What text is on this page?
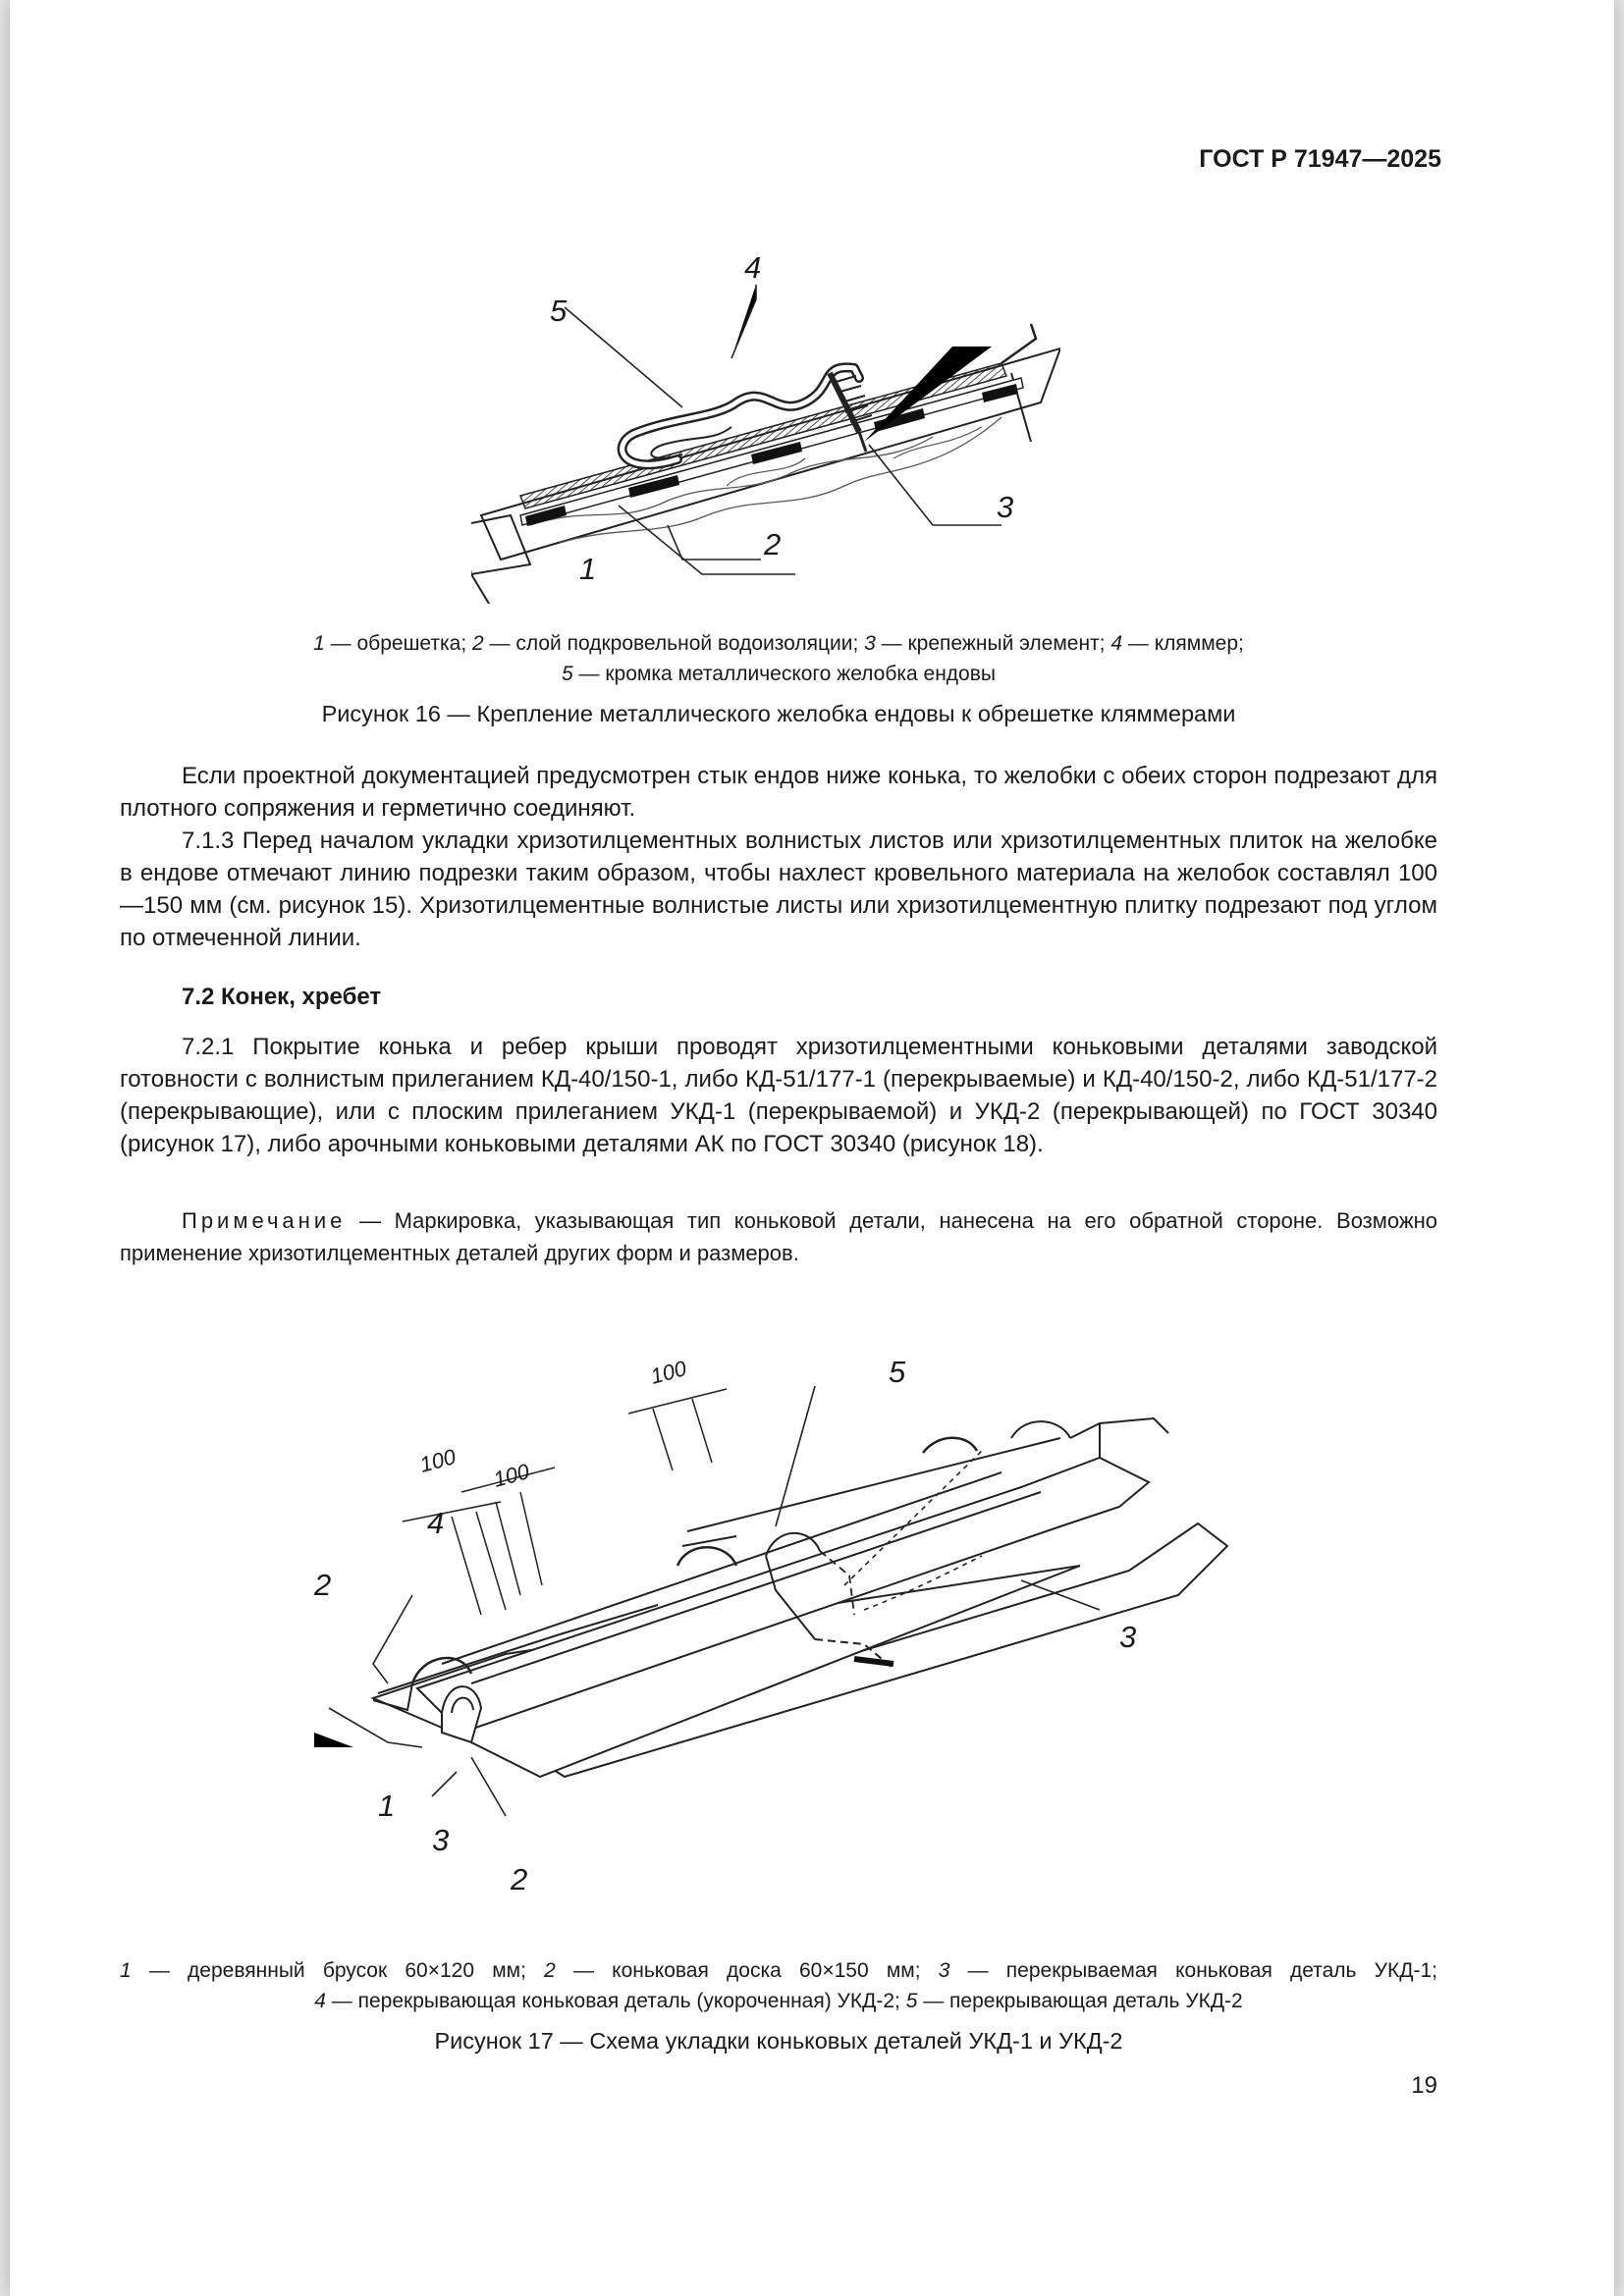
ГОСТ Р 71947—2025
1
2
3
4
5
1 — обрешетка; 2 — слой подкровельной водоизоляции; 3 — крепежный элемент; 4 — кляммер;
5 — кромка металлического желобка ендовы
Рисунок 16 — Крепление металлического желобка ендовы к обрешетке кляммерами

Если проектной документацией предусмотрен стык ендов ниже конька, то желобки с обеих сторон подрезают для плотного сопряжения и герметично соединяют.

7.1.3 Перед началом укладки хризотилцементных волнистых листов или хризотилцементных плиток на желобке в ендове отмечают линию подрезки таким образом, чтобы нахлест кровельного материала на желобок составлял 100—150 мм (см. рисунок 15). Хризотилцементные волнистые листы или хризотилцементную плитку подрезают под углом по отмеченной линии.

7.2 Конек, хребет

7.2.1 Покрытие конька и ребер крыши проводят хризотилцементными коньковыми деталями заводской готовности с волнистым прилеганием КД-40/150-1, либо КД-51/177-1 (перекрываемые) и КД-40/150-2, либо КД-51/177-2 (перекрывающие), или с плоским прилеганием УКД-1 (перекрываемой) и УКД-2 (перекрывающей) по ГОСТ 30340 (рисунок 17), либо арочными коньковыми деталями АК по ГОСТ 30340 (рисунок 18).

Примечание — Маркировка, указывающая тип коньковой детали, нанесена на его обратной стороне. Возможно применение хризотилцементных деталей других форм и размеров.
100 100
100
1
2
2
3
3
4
5
1 — деревянный брусок 60×120 мм; 2 — коньковая доска 60×150 мм; 3 — перекрываемая коньковая деталь УКД-1;
4 — перекрывающая коньковая деталь (укороченная) УКД-2; 5 — перекрывающая деталь УКД-2
Рисунок 17 — Схема укладки коньковых деталей УКД-1 и УКД-2
19
